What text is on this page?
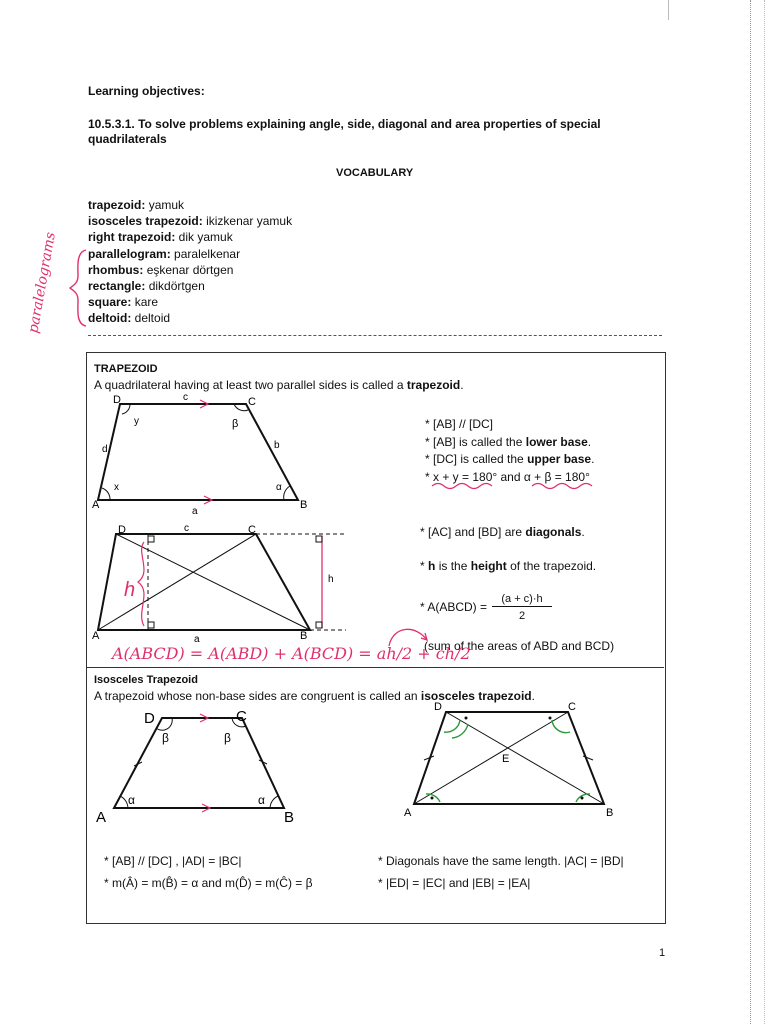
Learning objectives:
10.5.3.1. To solve problems explaining angle, side, diagonal and area properties of special
quadrilaterals
VOCABULARY
trapezoid: yamuk
isosceles trapezoid: ikizkenar yamuk
right trapezoid: dik yamuk
parallelogram: paralelkenar
rhombus: eşkenar dörtgen
rectangle: dikdörtgen
square: kare
deltoid: deltoid
paralelograms
TRAPEZOID
A quadrilateral having at least two parallel sides is called a trapezoid.
D	C
A	B
c
a
d	b
y
x
β
α
* [AB] // [DC]
* [AB] is called the lower base.
* [DC] is called the upper base.
* x + y = 180° and α + β = 180°
D	C
A	B
c
a
h
h
* [AC] and [BD] are diagonals.
* h is the height of the trapezoid.
* A(ABCD) =
(a + c)·h
2
(sum of the areas of ABD and BCD)
A(ABCD) = A(ABD) + A(BCD) = ah/2 + ch/2
Isosceles Trapezoid
A trapezoid whose non-base sides are congruent is called an isosceles trapezoid.
D	C
A	B
β	β
α	α
D	C
A	B
E
* [AB] // [DC] , |AD| = |BC|
* m(Â) = m(B̂) = α and m(D̂) = m(Ĉ) = β
* Diagonals have the same length. |AC| = |BD|
* |ED| = |EC| and |EB| = |EA|
1
